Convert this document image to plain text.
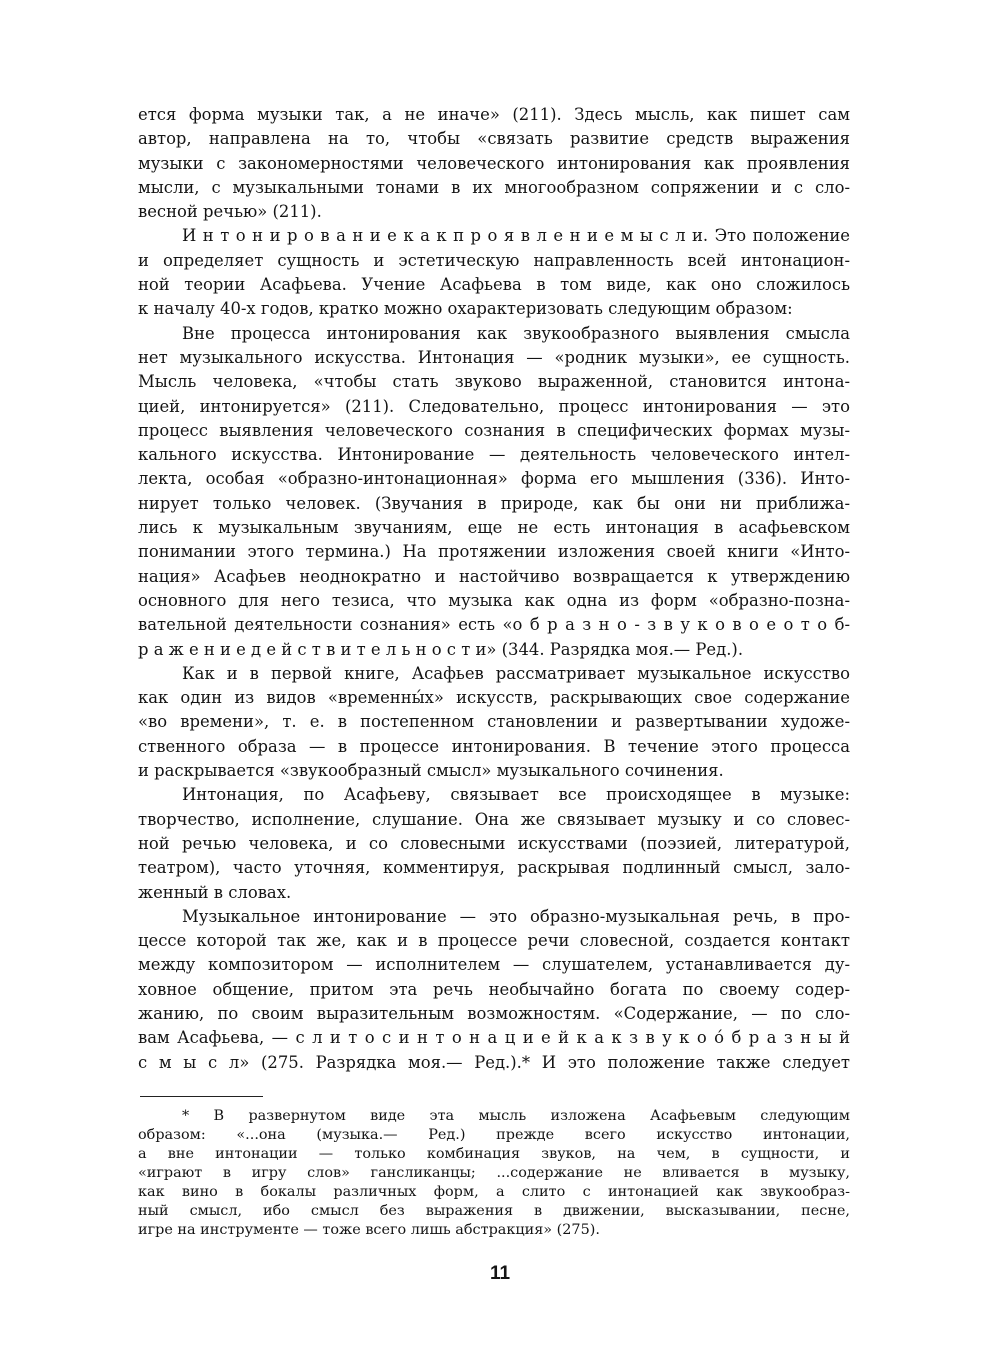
ется форма музыки так, а не иначе» (211). Здесь мысль, как пишет сам
автор, направлена на то, чтобы «связать развитие средств выражения
музыки с закономерностями человеческого интонирования как проявления
мысли, с музыкальными тонами в их многообразном сопряжении и с сло-
весной речью» (211).
И н т о н и р о в а н и е к а к п р о я в л е н и е м ы с л и. Это положение
и определяет сущность и эстетическую направленность всей интонацион-
ной теории Асафьева. Учение Асафьева в том виде, как оно сложилось
к началу 40-х годов, кратко можно охарактеризовать следующим образом:
Вне процесса интонирования как звукообразного выявления смысла
нет музыкального искусства. Интонация — «родник музыки», ее сущность.
Мысль человека, «чтобы стать звуково выраженной, становится интона-
цией, интонируется» (211). Следовательно, процесс интонирования — это
процесс выявления человеческого сознания в специфических формах музы-
кального искусства. Интонирование — деятельность человеческого интел-
лекта, особая «образно-интонационная» форма его мышления (336). Инто-
нирует только человек. (Звучания в природе, как бы они ни приближа-
лись к музыкальным звучаниям, еще не есть интонация в асафьевском
понимании этого термина.) На протяжении изложения своей книги «Инто-
нация» Асафьев неоднократно и настойчиво возвращается к утверждению
основного для него тезиса, что музыка как одна из форм «образно-позна-
вательной деятельности сознания» есть «о б р а з н о - з в у к о в о е о т о б-
р а ж е н и е д е й с т в и т е л ь н о с т и» (344. Разрядка моя.— Ред.).
Как и в первой книге, Асафьев рассматривает музыкальное искусство
как один из видов «временны́х» искусств, раскрывающих свое содержание
«во времени», т. е. в постепенном становлении и развертывании художе-
ственного образа — в процессе интонирования. В течение этого процесса
и раскрывается «звукообразный смысл» музыкального сочинения.
Интонация, по Асафьеву, связывает все происходящее в музыке:
творчество, исполнение, слушание. Она же связывает музыку и со словес-
ной речью человека, и со словесными искусствами (поэзией, литературой,
театром), часто уточняя, комментируя, раскрывая подлинный смысл, зало-
женный в словах.
Музыкальное интонирование — это образно-музыкальная речь, в про-
цессе которой так же, как и в процессе речи словесной, создается контакт
между композитором — исполнителем — слушателем, устанавливается ду-
ховное общение, притом эта речь необычайно богата по своему содер-
жанию, по своим выразительным возможностям. «Содержание, — по сло-
вам Асафьева, — с л и т о с и н т о н а ц и е й к а к з в у к о о́ б р а з н ы й
с м ы с л» (275. Разрядка моя.— Ред.).* И это положение также следует
* В развернутом виде эта мысль изложена Асафьевым следующим
образом: «...она (музыка.— Ред.) прежде всего искусство интонации,
а вне интонации — только комбинация звуков, на чем, в сущности, и
«играют в игру слов» гансликанцы; ...содержание не вливается в музыку,
как вино в бокалы различных форм, а слито с интонацией как звукообраз-
ный смысл, ибо смысл без выражения в движении, высказывании, песне,
игре на инструменте — тоже всего лишь абстракция» (275).
11
